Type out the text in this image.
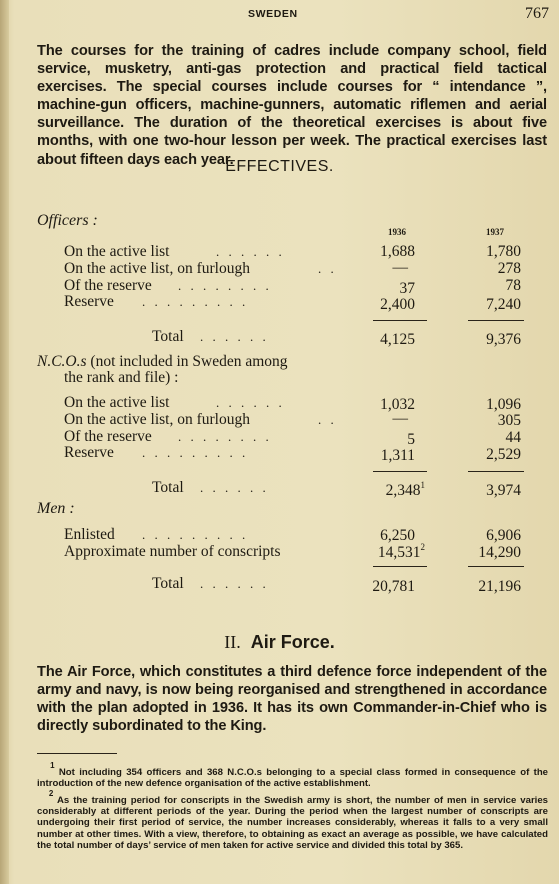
SWEDEN	767

The courses for the training of cadres include company school, field service, musketry, anti-gas protection and practical field tactical exercises. The special courses include courses for “ intendance ”, machine-gun officers, machine-gunners, automatic riflemen and aerial surveillance. The duration of the theoretical exercises is about five months, with one two-hour lesson per week. The practical exercises last about fifteen days each year.

EFFECTIVES.
1936	1937
Officers :
On the active list	. . . . . .	1,688	1,780
On the active list, on furlough	. .	—	278
Of the reserve . . . . . . . .	37	78
Reserve . . . . . . . . .	2,400	7,240
Total . . . . . .	4,125	9,376
N.C.O.s (not included in Sweden among
the rank and file) :
On the active list	. . . . . .	1,032	1,096
On the active list, on furlough	. .	—	305
Of the reserve . . . . . . . .	5	44
Reserve . . . . . . . . .	1,311	2,529
Total . . . . . .	2,348$^1$	3,974
Men :
Enlisted . . . . . . . . .	6,250	6,906
Approximate number of conscripts	14,531$^2$	14,290
Total . . . . . .	20,781	21,196
II. Air Force.

The Air Force, which constitutes a third defence force independent of the army and navy, is now being reorganised and strengthened in accordance with the plan adopted in 1936. It has its own Commander-in-Chief who is directly subordinated to the King.

$^1$ Not including 354 officers and 368 N.C.O.s belonging to a special class formed in consequence of the introduction of the new defence organisation of the active establishment.

$^2$ As the training period for conscripts in the Swedish army is short, the number of men in service varies considerably at different periods of the year. During the period when the largest number of conscripts are undergoing their first period of service, the number increases considerably, whereas it falls to a very small number at other times. With a view, therefore, to obtaining as exact an average as possible, we have calculated the total number of days’ service of men taken for active service and divided this total by 365.
